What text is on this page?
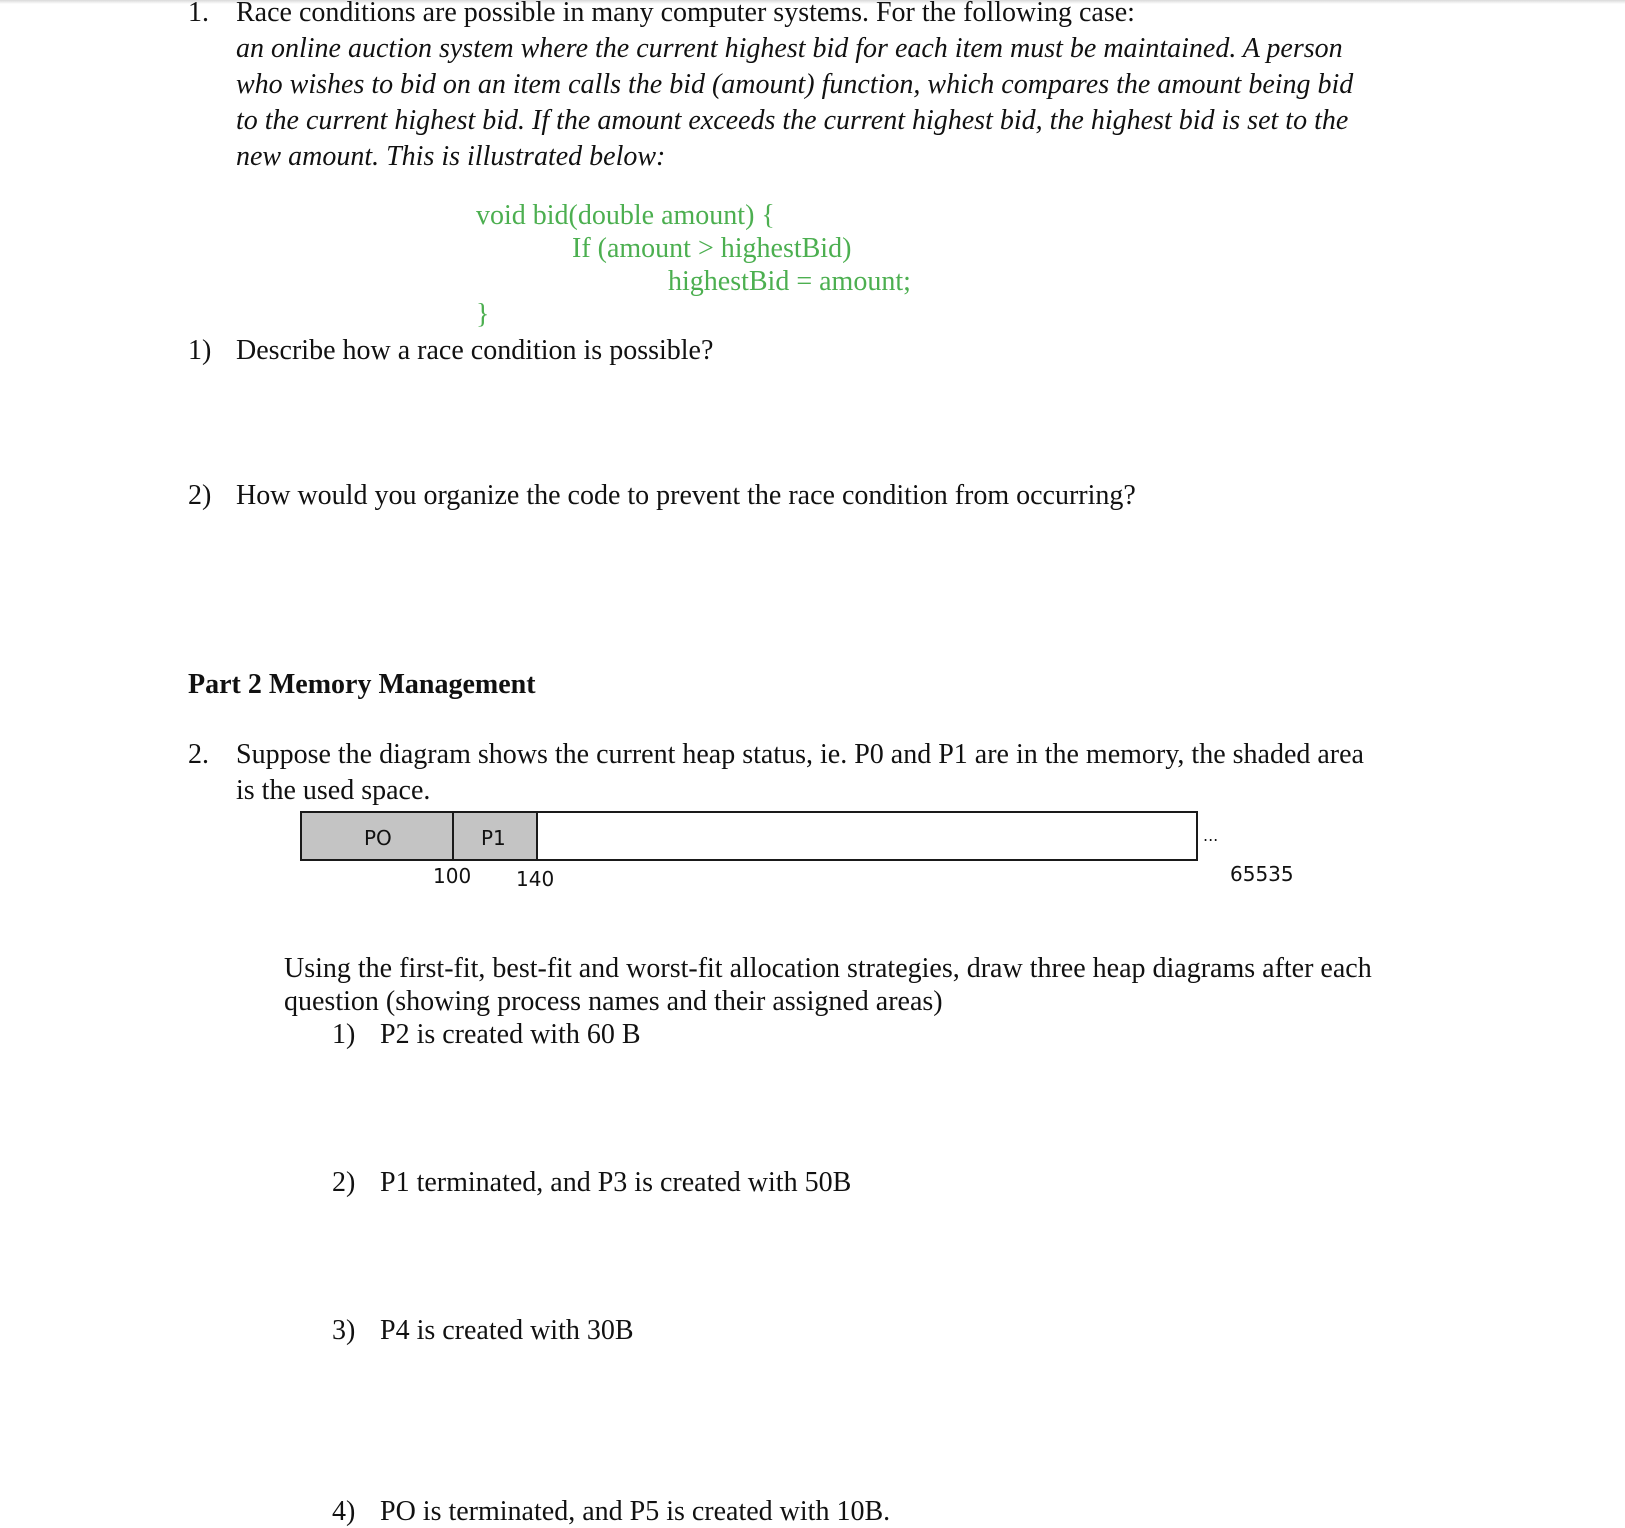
1. Race conditions are possible in many computer systems. For the following case:
an online auction system where the current highest bid for each item must be maintained. A person
who wishes to bid on an item calls the bid (amount) function, which compares the amount being bid
to the current highest bid. If the amount exceeds the current highest bid, the highest bid is set to the
new amount. This is illustrated below:
void bid(double amount) {
If (amount > highestBid)
highestBid = amount;
}
1) Describe how a race condition is possible?
2) How would you organize the code to prevent the race condition from occurring?
Part 2 Memory Management
2. Suppose the diagram shows the current heap status, ie. P0 and P1 are in the memory, the shaded area
is the used space.
PO	P1	...
100 140	65535
Using the first-fit, best-fit and worst-fit allocation strategies, draw three heap diagrams after each
question (showing process names and their assigned areas)
1) P2 is created with 60 B
2) P1 terminated, and P3 is created with 50B
3) P4 is created with 30B
4) PO is terminated, and P5 is created with 10B.
